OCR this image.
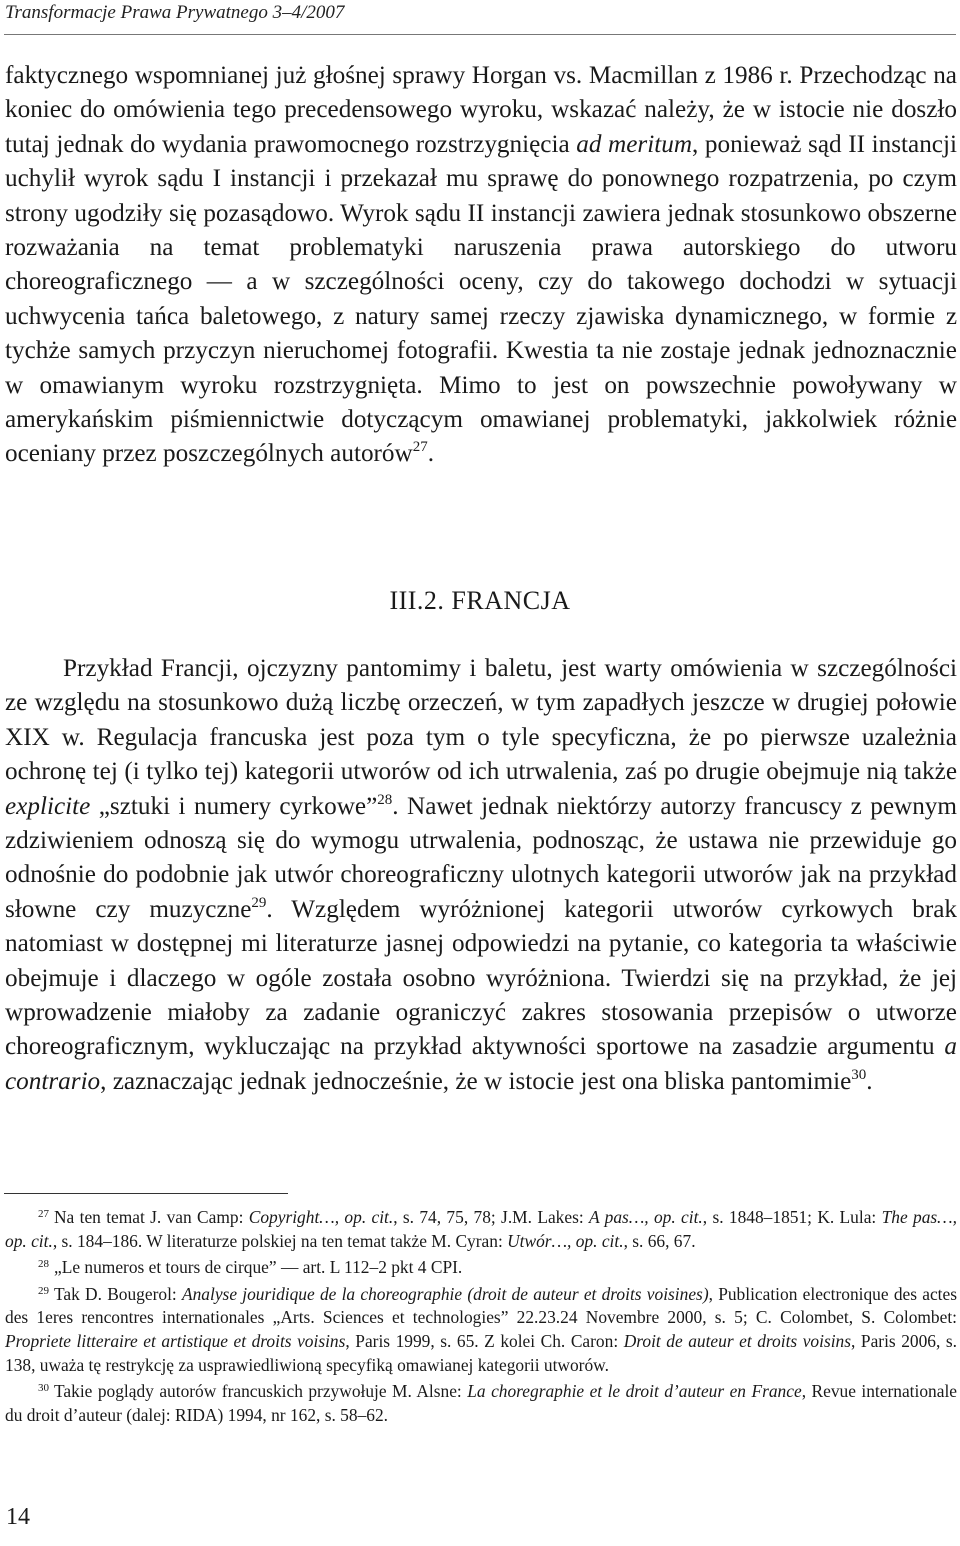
Transformacje Prawa Prywatnego 3–4/2007

faktycznego wspomnianej już głośnej sprawy Horgan vs. Macmillan z 1986 r. Przechodząc na koniec do omówienia tego precedensowego wyroku, wskazać należy, że w istocie nie doszło tutaj jednak do wydania prawomocnego rozstrzygnięcia ad meritum, ponieważ sąd II instancji uchylił wyrok sądu I instancji i przekazał mu sprawę do ponownego rozpatrzenia, po czym strony ugodziły się pozasądowo. Wyrok sądu II instancji zawiera jednak stosunkowo obszerne rozważania na temat problematyki naruszenia prawa autorskiego do utworu choreograficznego — a w szczególności oceny, czy do takowego dochodzi w sytuacji uchwycenia tańca baletowego, z natury samej rzeczy zjawiska dynamicznego, w formie z tychże samych przyczyn nieruchomej fotografii. Kwestia ta nie zostaje jednak jednoznacznie w omawianym wyroku rozstrzygnięta. Mimo to jest on powszechnie powoływany w amerykańskim piśmiennictwie dotyczącym omawianej problematyki, jakkolwiek różnie oceniany przez poszczególnych autorów$^{27}$.

III.2. FRANCJA

Przykład Francji, ojczyzny pantomimy i baletu, jest warty omówienia w szczególności ze względu na stosunkowo dużą liczbę orzeczeń, w tym zapadłych jeszcze w drugiej połowie XIX w. Regulacja francuska jest poza tym o tyle specyficzna, że po pierwsze uzależnia ochronę tej (i tylko tej) kategorii utworów od ich utrwalenia, zaś po drugie obejmuje nią także explicite „sztuki i numery cyrkowe”$^{28}$. Nawet jednak niektórzy autorzy francuscy z pewnym zdziwieniem odnoszą się do wymogu utrwalenia, podnosząc, że ustawa nie przewiduje go odnośnie do podobnie jak utwór choreograficzny ulotnych kategorii utworów jak na przykład słowne czy muzyczne$^{29}$. Względem wyróżnionej kategorii utworów cyrkowych brak natomiast w dostępnej mi literaturze jasnej odpowiedzi na pytanie, co kategoria ta właściwie obejmuje i dlaczego w ogóle została osobno wyróżniona. Twierdzi się na przykład, że jej wprowadzenie miałoby za zadanie ograniczyć zakres stosowania przepisów o utworze choreograficznym, wykluczając na przykład aktywności sportowe na zasadzie argumentu a contrario, zaznaczając jednak jednocześnie, że w istocie jest ona bliska pantomimie$^{30}$.

$^{27}$ Na ten temat J. van Camp: Copyright…, op. cit., s. 74, 75, 78; J.M. Lakes: A pas…, op. cit., s. 1848–1851; K. Lula: The pas…, op. cit., s. 184–186. W literaturze polskiej na ten temat także M. Cyran: Utwór…, op. cit., s. 66, 67.

$^{28}$ „Le numeros et tours de cirque” — art. L 112–2 pkt 4 CPI.

$^{29}$ Tak D. Bougerol: Analyse jouridique de la choreographie (droit de auteur et droits voisines), Publication electronique des actes des 1eres rencontres internationales „Arts. Sciences et technologies” 22.23.24 Novembre 2000, s. 5; C. Colombet, S. Colombet: Propriete litteraire et artistique et droits voisins, Paris 1999, s. 65. Z kolei Ch. Caron: Droit de auteur et droits voisins, Paris 2006, s. 138, uważa tę restrykcję za usprawiedliwioną specyfiką omawianej kategorii utworów.

$^{30}$ Takie poglądy autorów francuskich przywołuje M. Alsne: La choregraphie et le droit d’auteur en France, Revue internationale du droit d’auteur (dalej: RIDA) 1994, nr 162, s. 58–62.

14
